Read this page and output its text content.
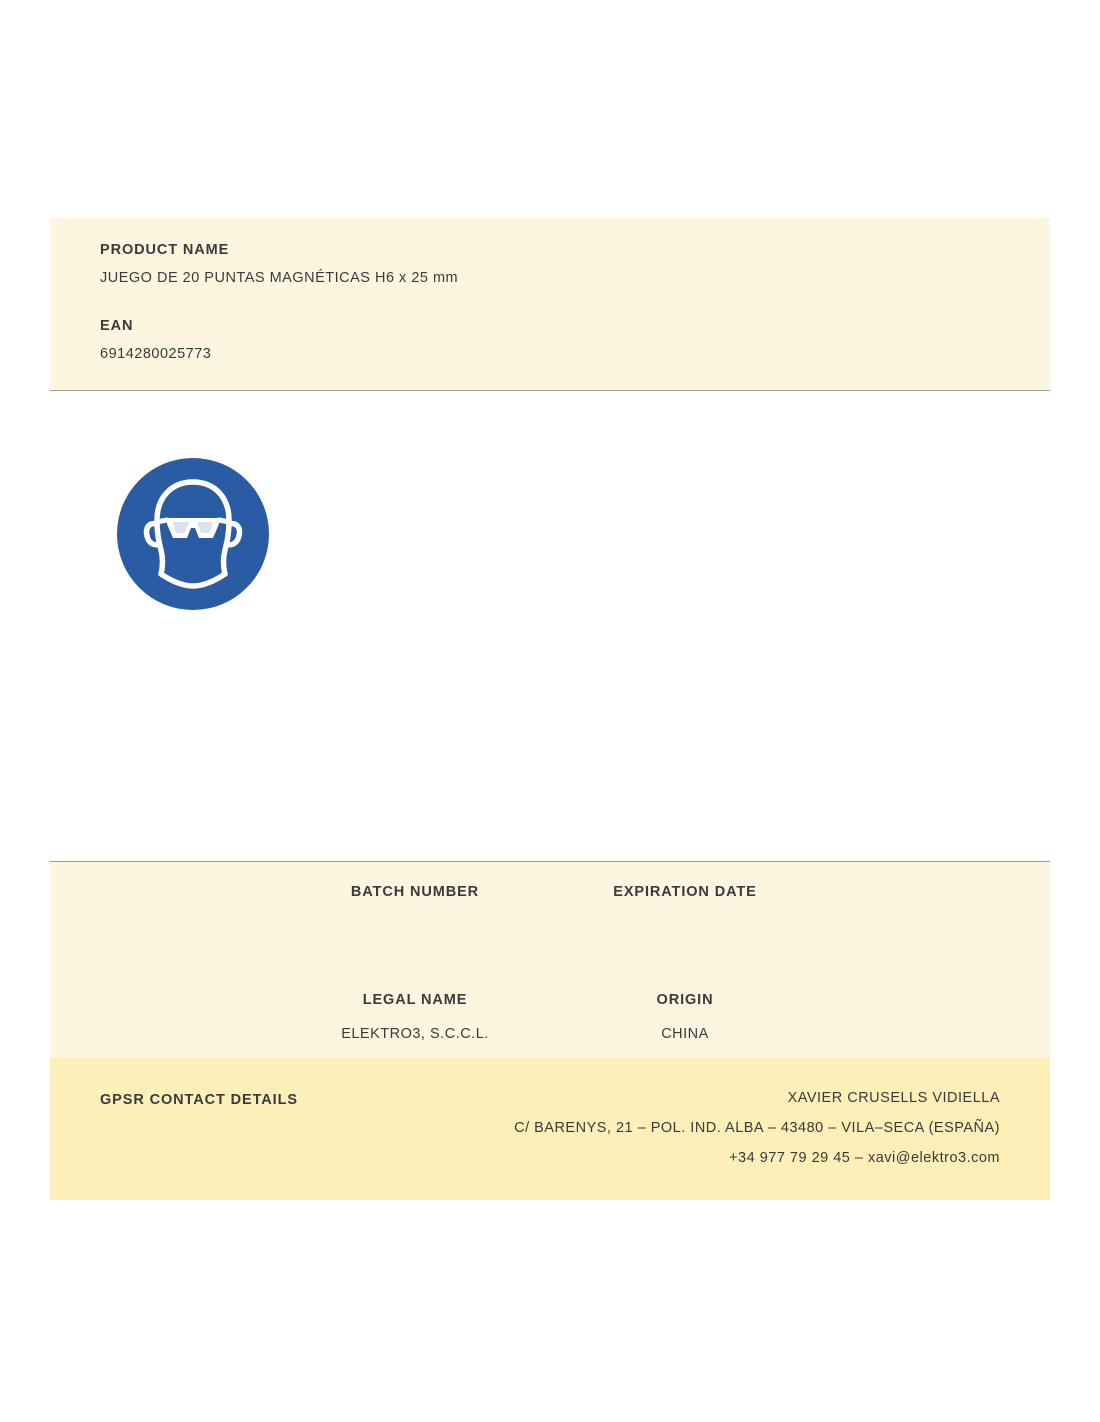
PRODUCT NAME

JUEGO DE 20 PUNTAS MAGNÉTICAS H6 x 25 mm

EAN

6914280025773

BATCH NUMBER	EXPIRATION DATE

LEGAL NAME

ELEKTRO3, S.C.C.L.

ORIGIN

CHINA

GPSR CONTACT DETAILS	XAVIER CRUSELLS VIDIELLA

C/ BARENYS, 21 – POL. IND. ALBA – 43480 – VILA–SECA (ESPAÑA)

+34 977 79 29 45 – xavi@elektro3.com
